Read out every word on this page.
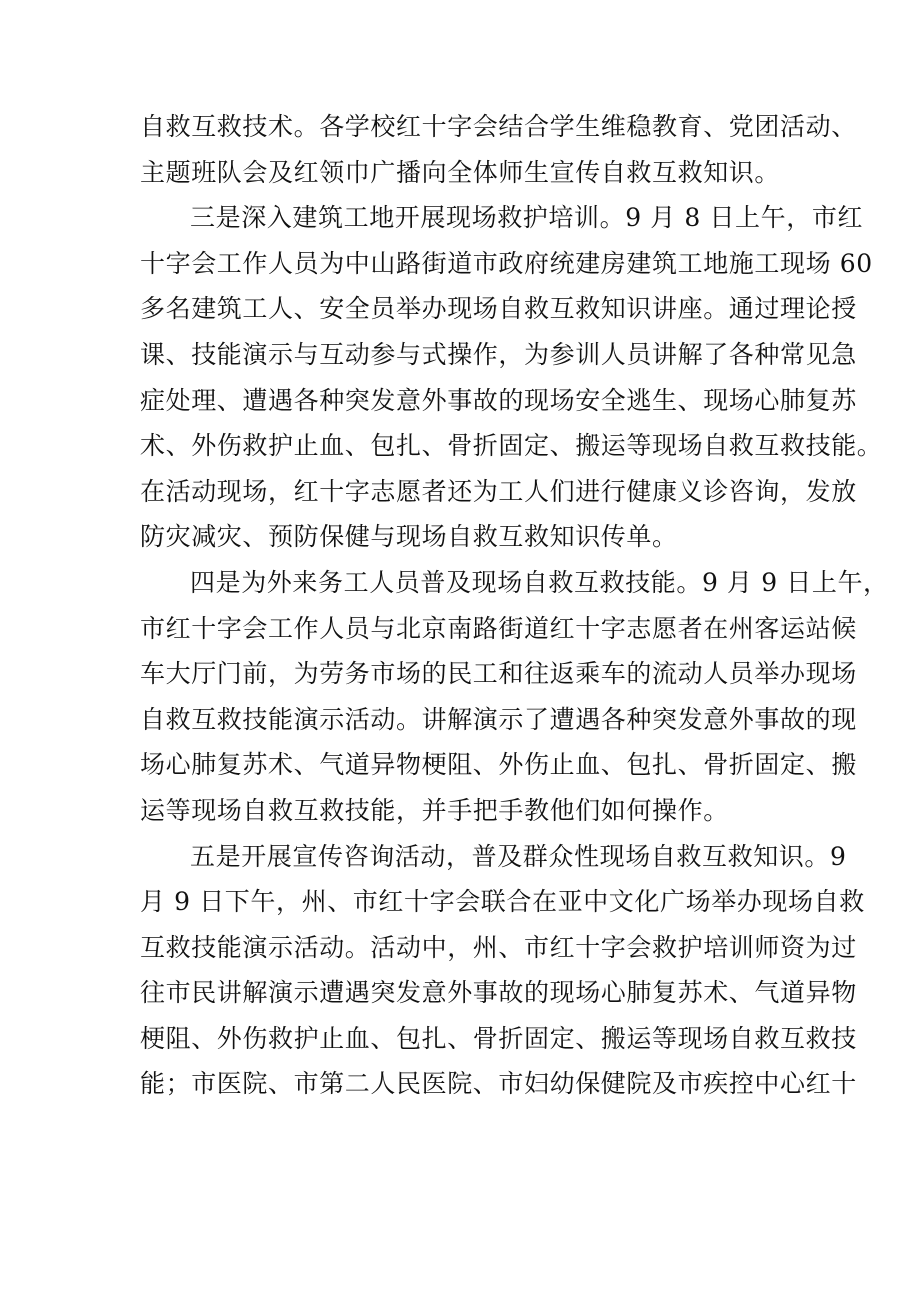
自救互救技术。各学校红十字会结合学生维稳教育、党团活动、
主题班队会及红领巾广播向全体师生宣传自救互救知识。
三是深入建筑工地开展现场救护培训。9 月 8 日上午，市红
十字会工作人员为中山路街道市政府统建房建筑工地施工现场 60
多名建筑工人、安全员举办现场自救互救知识讲座。通过理论授
课、技能演示与互动参与式操作，为参训人员讲解了各种常见急
症处理、遭遇各种突发意外事故的现场安全逃生、现场心肺复苏
术、外伤救护止血、包扎、骨折固定、搬运等现场自救互救技能。
在活动现场，红十字志愿者还为工人们进行健康义诊咨询，发放
防灾减灾、预防保健与现场自救互救知识传单。
四是为外来务工人员普及现场自救互救技能。9 月 9 日上午，
市红十字会工作人员与北京南路街道红十字志愿者在州客运站候
车大厅门前，为劳务市场的民工和往返乘车的流动人员举办现场
自救互救技能演示活动。讲解演示了遭遇各种突发意外事故的现
场心肺复苏术、气道异物梗阻、外伤止血、包扎、骨折固定、搬
运等现场自救互救技能，并手把手教他们如何操作。
五是开展宣传咨询活动，普及群众性现场自救互救知识。9
月 9 日下午，州、市红十字会联合在亚中文化广场举办现场自救
互救技能演示活动。活动中，州、市红十字会救护培训师资为过
往市民讲解演示遭遇突发意外事故的现场心肺复苏术、气道异物
梗阻、外伤救护止血、包扎、骨折固定、搬运等现场自救互救技
能；市医院、市第二人民医院、市妇幼保健院及市疾控中心红十
